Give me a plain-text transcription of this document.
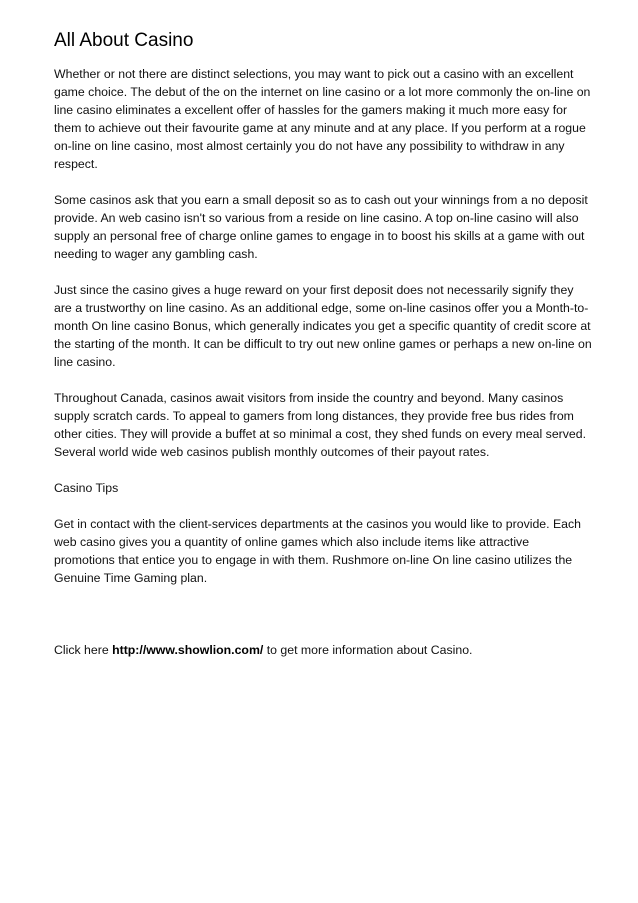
All About Casino

Whether or not there are distinct selections, you may want to pick out a casino with an excellent game choice. The debut of the on the internet on line casino or a lot more commonly the on-line on line casino eliminates a excellent offer of hassles for the gamers making it much more easy for them to achieve out their favourite game at any minute and at any place. If you perform at a rogue on-line on line casino, most almost certainly you do not have any possibility to withdraw in any respect.

Some casinos ask that you earn a small deposit so as to cash out your winnings from a no deposit provide. An web casino isn't so various from a reside on line casino. A top on-line casino will also supply an personal free of charge online games to engage in to boost his skills at a game with out needing to wager any gambling cash.

Just since the casino gives a huge reward on your first deposit does not necessarily signify they are a trustworthy on line casino. As an additional edge, some on-line casinos offer you a Month-to-month On line casino Bonus, which generally indicates you get a specific quantity of credit score at the starting of the month. It can be difficult to try out new online games or perhaps a new on-line on line casino.

Throughout Canada, casinos await visitors from inside the country and beyond. Many casinos supply scratch cards. To appeal to gamers from long distances, they provide free bus rides from other cities. They will provide a buffet at so minimal a cost, they shed funds on every meal served. Several world wide web casinos publish monthly outcomes of their payout rates.

Casino Tips

Get in contact with the client-services departments at the casinos you would like to provide. Each web casino gives you a quantity of online games which also include items like attractive promotions that entice you to engage in with them. Rushmore on-line On line casino utilizes the Genuine Time Gaming plan.

Click here http://www.showlion.com/ to get more information about Casino.
